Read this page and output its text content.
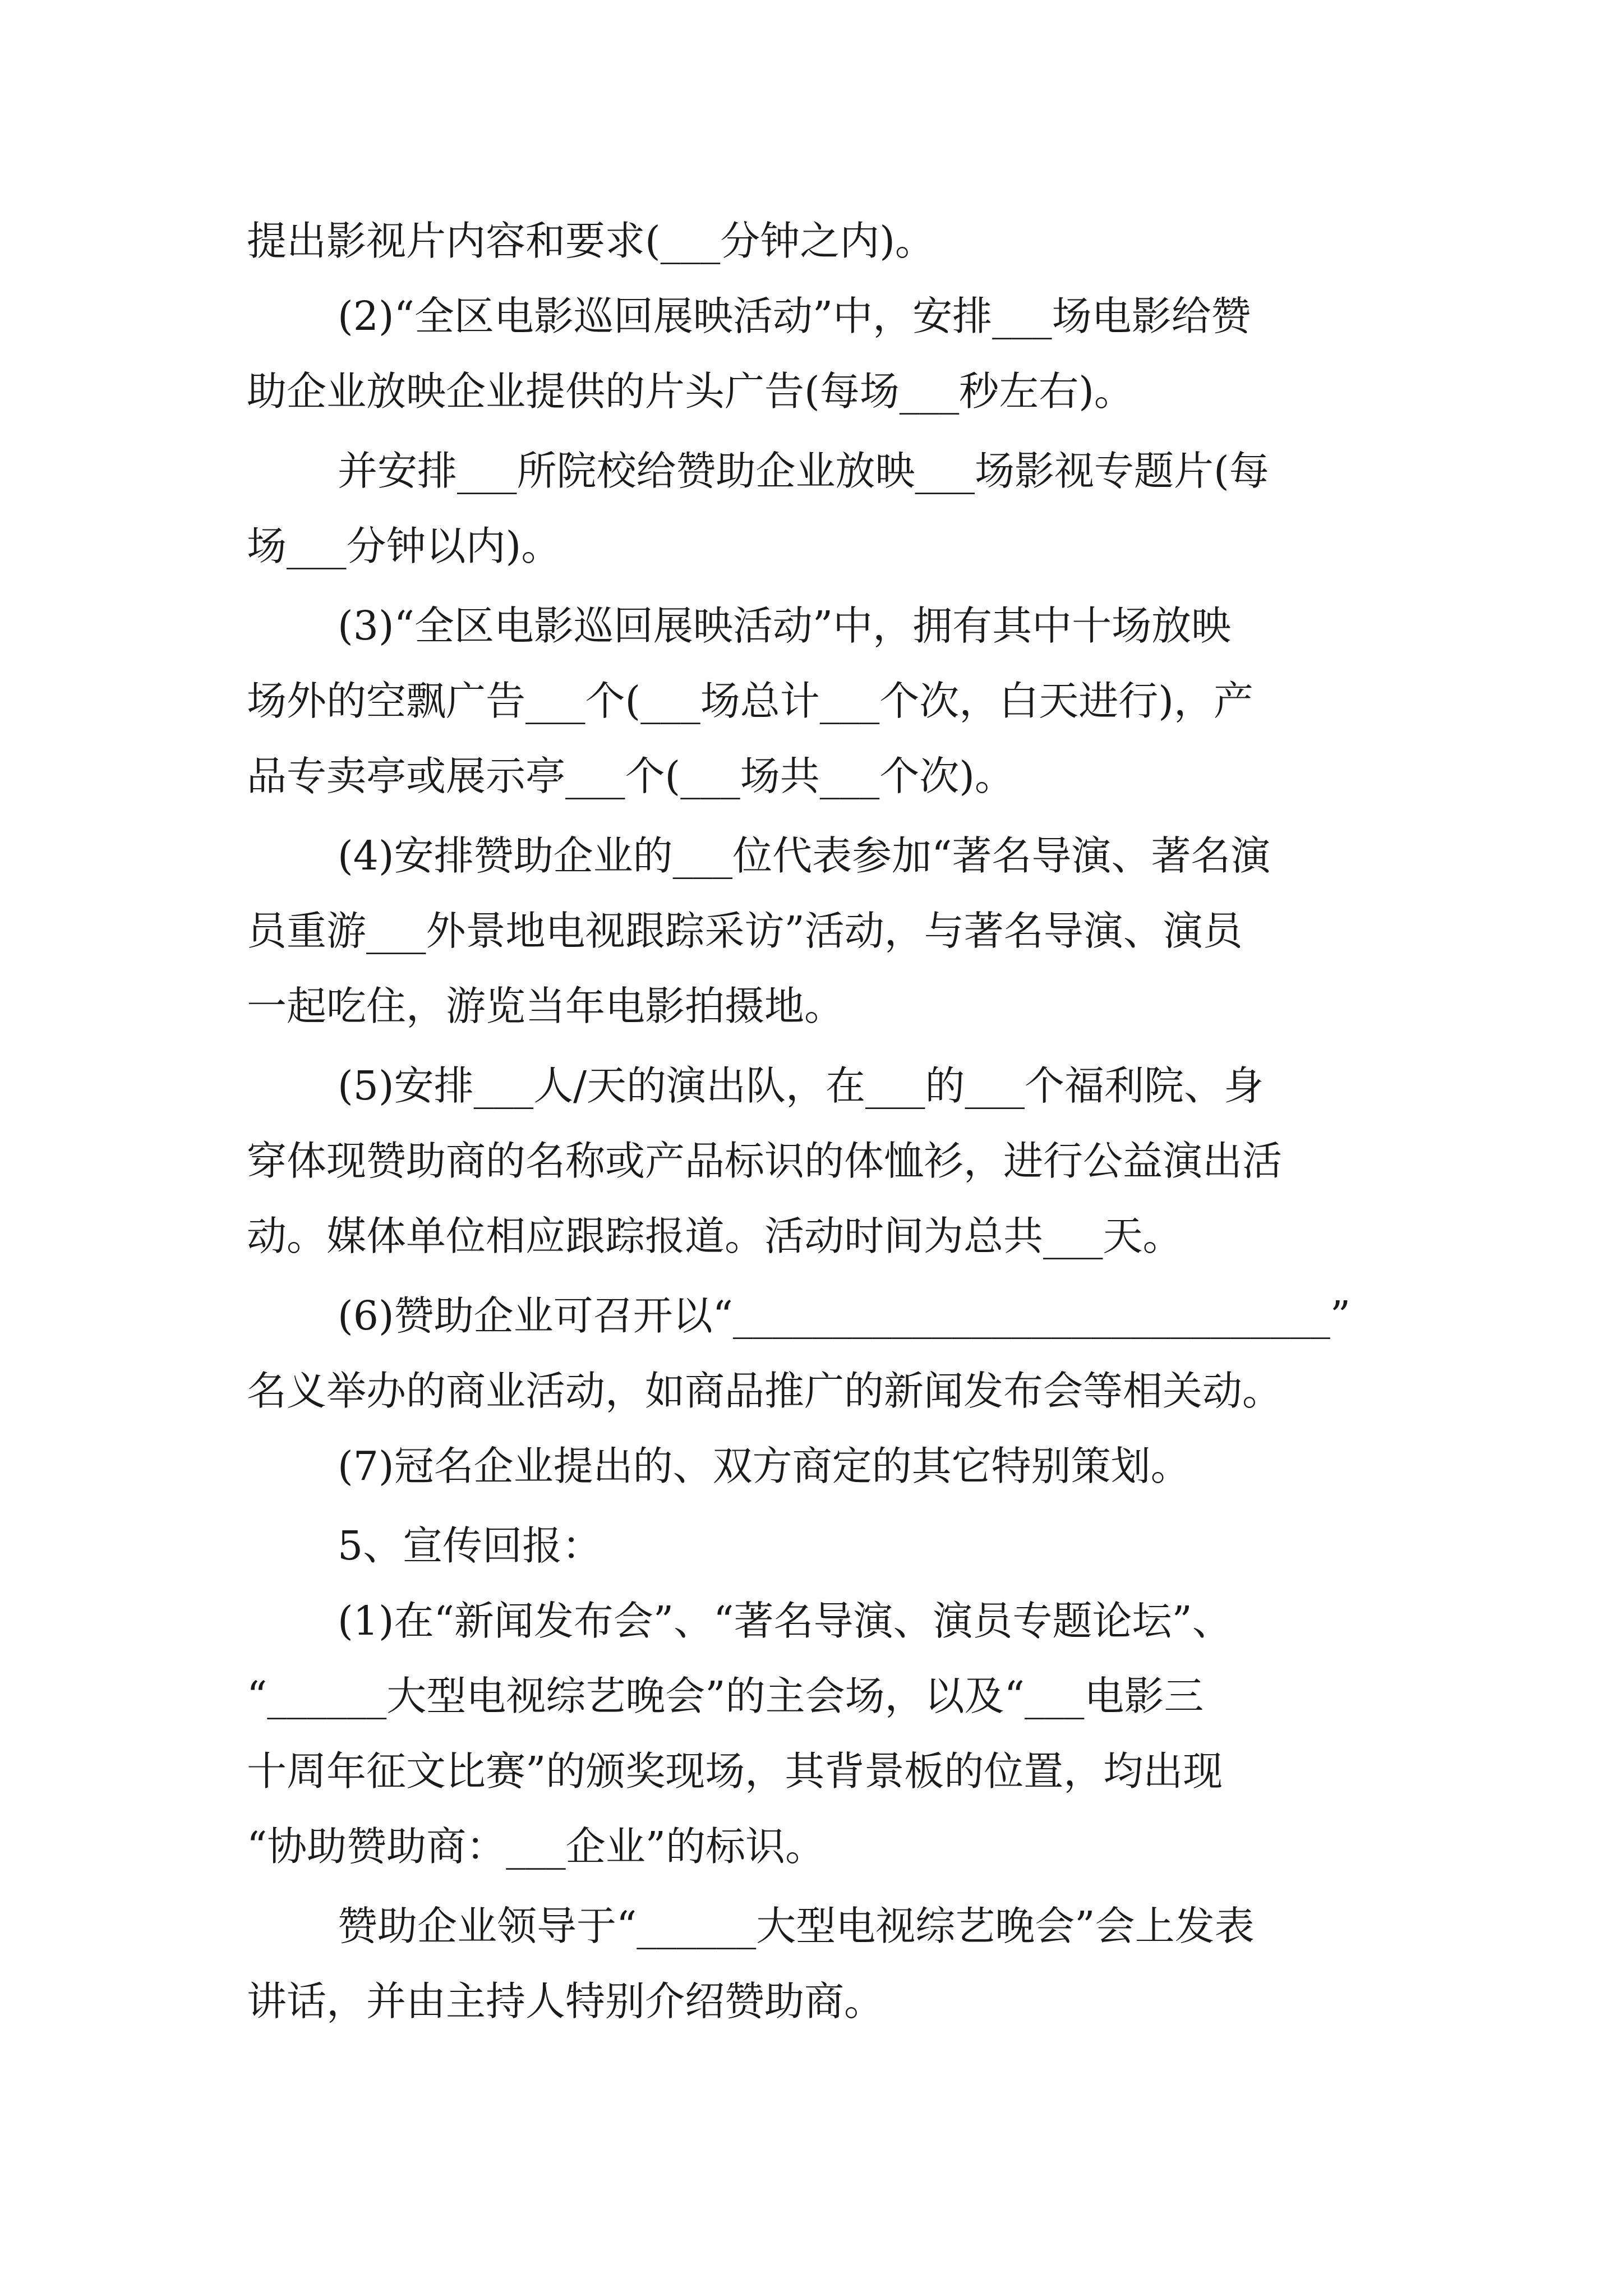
提出影视片内容和要求(___分钟之内)。
(2)“全区电影巡回展映活动”中，安排___场电影给赞
助企业放映企业提供的片头广告(每场___秒左右)。
并安排___所院校给赞助企业放映___场影视专题片(每
场___分钟以内)。
(3)“全区电影巡回展映活动”中，拥有其中十场放映
场外的空飘广告___个(___场总计___个次，白天进行)，产
品专卖亭或展示亭___个(___场共___个次)。
(4)安排赞助企业的___位代表参加“著名导演、著名演
员重游___外景地电视跟踪采访”活动，与著名导演、演员
一起吃住，游览当年电影拍摄地。
(5)安排___人/天的演出队，在___的___个福利院、身
穿体现赞助商的名称或产品标识的体恤衫，进行公益演出活
动。媒体单位相应跟踪报道。活动时间为总共___天。
(6)赞助企业可召开以“______________________________”
名义举办的商业活动，如商品推广的新闻发布会等相关动。
(7)冠名企业提出的、双方商定的其它特别策划。
5、宣传回报：
(1)在“新闻发布会”、“著名导演、演员专题论坛”、
“______大型电视综艺晚会”的主会场，以及“___电影三
十周年征文比赛”的颁奖现场，其背景板的位置，均出现
“协助赞助商：___企业”的标识。
赞助企业领导于“______大型电视综艺晚会”会上发表
讲话，并由主持人特别介绍赞助商。
